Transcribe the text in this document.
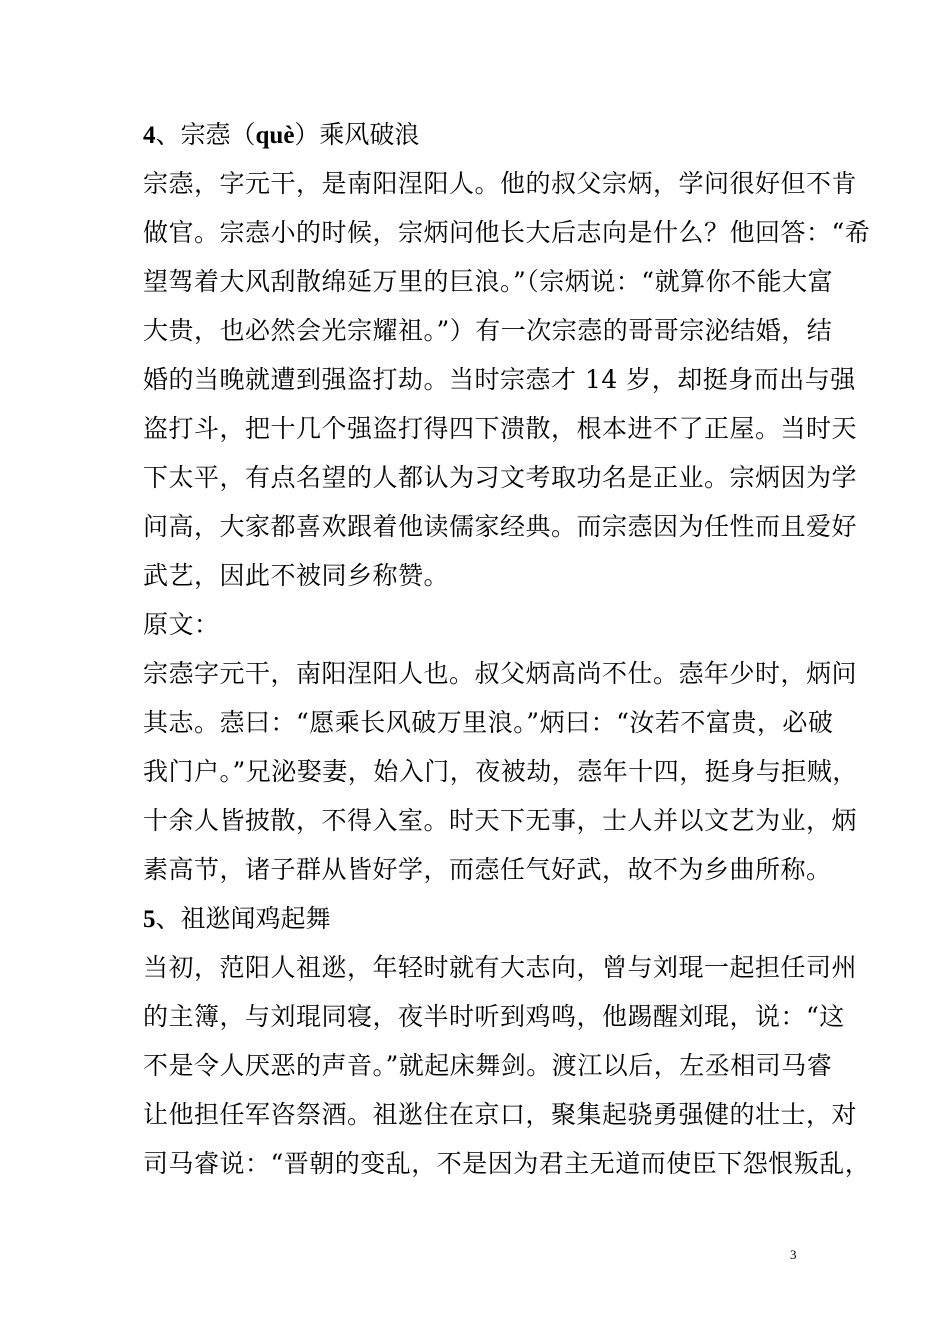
4、宗悫（què）乘风破浪
宗悫，字元干，是南阳涅阳人。他的叔父宗炳，学问很好但不肯
做官。宗悫小的时候，宗炳问他长大后志向是什么？他回答：“希
望驾着大风刮散绵延万里的巨浪。”（宗炳说：“就算你不能大富
大贵，也必然会光宗耀祖。”）有一次宗悫的哥哥宗泌结婚，结
婚的当晚就遭到强盗打劫。当时宗悫才 14 岁，却挺身而出与强
盗打斗，把十几个强盗打得四下溃散，根本进不了正屋。当时天
下太平，有点名望的人都认为习文考取功名是正业。宗炳因为学
问高，大家都喜欢跟着他读儒家经典。而宗悫因为任性而且爱好
武艺，因此不被同乡称赞。
原文：
宗悫字元干，南阳涅阳人也。叔父炳高尚不仕。悫年少时，炳问
其志。悫曰：“愿乘长风破万里浪。”炳曰：“汝若不富贵，必破
我门户。”兄泌娶妻，始入门，夜被劫，悫年十四，挺身与拒贼，
十余人皆披散，不得入室。时天下无事，士人并以文艺为业，炳
素高节，诸子群从皆好学，而悫任气好武，故不为乡曲所称。
5、祖逖闻鸡起舞
当初，范阳人祖逖，年轻时就有大志向，曾与刘琨一起担任司州
的主簿，与刘琨同寝，夜半时听到鸡鸣，他踢醒刘琨，说：“这
不是令人厌恶的声音。”就起床舞剑。渡江以后，左丞相司马睿
让他担任军咨祭酒。祖逖住在京口，聚集起骁勇强健的壮士，对
司马睿说：“晋朝的变乱，不是因为君主无道而使臣下怨恨叛乱，
3
